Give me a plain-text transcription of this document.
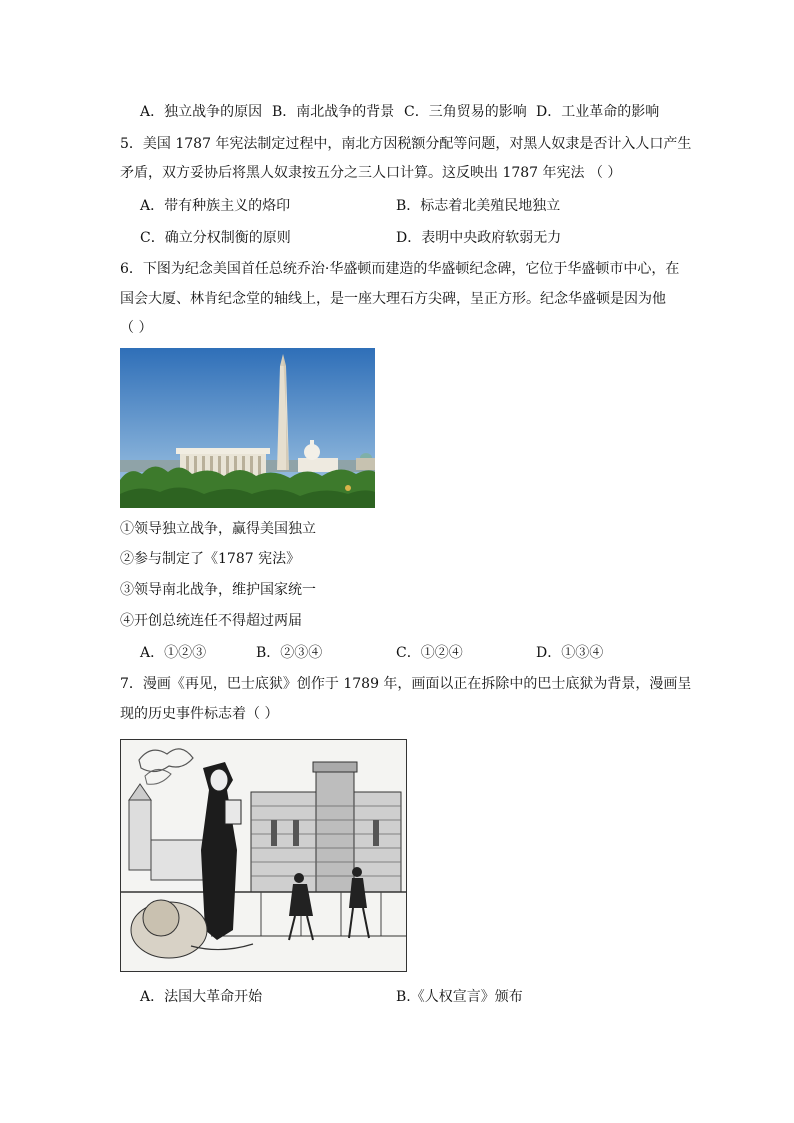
A．独立战争的原因 B．南北战争的背景 C．三角贸易的影响 D．工业革命的影响
5．美国 1787 年宪法制定过程中，南北方因税额分配等问题，对黑人奴隶是否计入人口产生
矛盾，双方妥协后将黑人奴隶按五分之三人口计算。这反映出 1787 年宪法 （ ）
A．带有种族主义的烙印	B．标志着北美殖民地独立
C．确立分权制衡的原则	D．表明中央政府软弱无力
6．下图为纪念美国首任总统乔治·华盛顿而建造的华盛顿纪念碑，它位于华盛顿市中心，在
国会大厦、林肯纪念堂的轴线上，是一座大理石方尖碑，呈正方形。纪念华盛顿是因为他
（ ）
①领导独立战争，赢得美国独立
②参与制定了《1787 宪法》
③领导南北战争，维护国家统一
④开创总统连任不得超过两届
A．①②③	B．②③④	C．①②④	D．①③④
7．漫画《再见，巴士底狱》创作于 1789 年，画面以正在拆除中的巴士底狱为背景，漫画呈
现的历史事件标志着（ ）
A．法国大革命开始	B.《人权宣言》颁布
